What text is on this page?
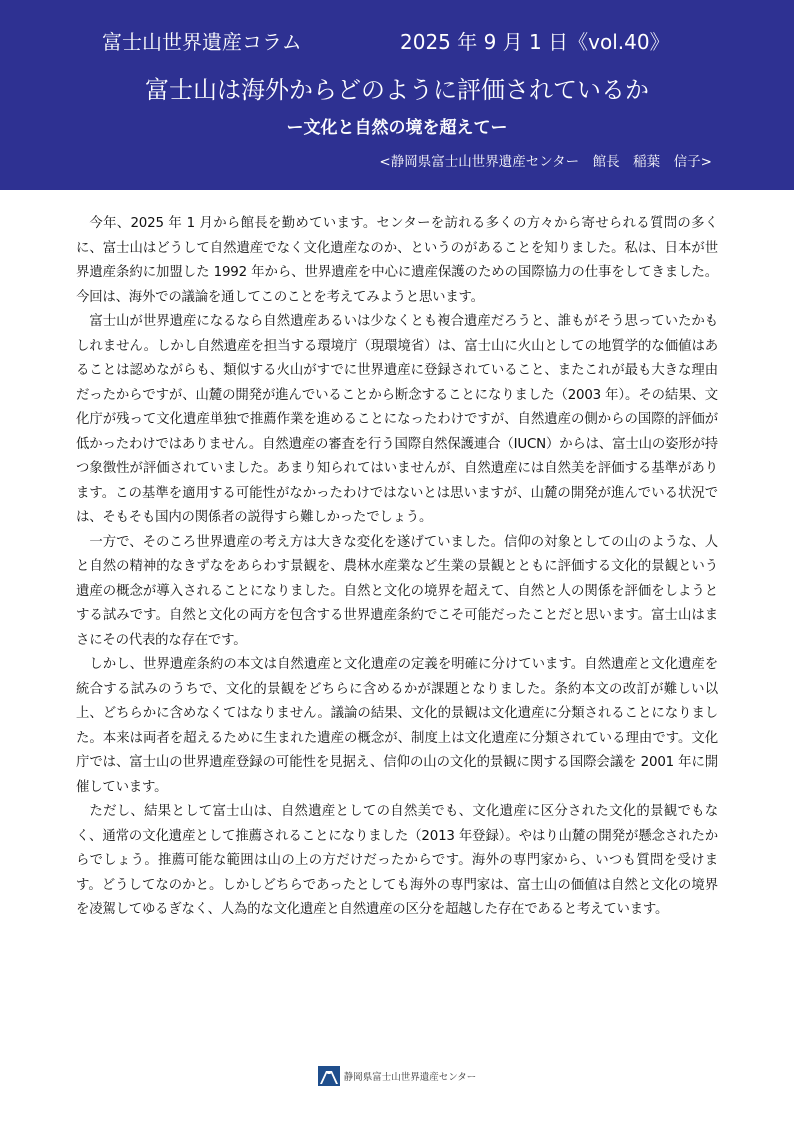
富士山世界遺産コラム	2025 年 9 月 1 日《vol.40》
富士山は海外からどのように評価されているか
ー文化と自然の境を超えてー
<静岡県富士山世界遺産センター　館長　稲葉　信子>

今年、2025 年 1 月から館長を勤めています。センターを訪れる多くの方々から寄せられる質問の多くに、富士山はどうして自然遺産でなく文化遺産なのか、というのがあることを知りました。私は、日本が世界遺産条約に加盟した 1992 年から、世界遺産を中心に遺産保護のための国際協力の仕事をしてきました。今回は、海外での議論を通してこのことを考えてみようと思います。

富士山が世界遺産になるなら自然遺産あるいは少なくとも複合遺産だろうと、誰もがそう思っていたかもしれません。しかし自然遺産を担当する環境庁（現環境省）は、富士山に火山としての地質学的な価値はあることは認めながらも、類似する火山がすでに世界遺産に登録されていること、またこれが最も大きな理由だったからですが、山麓の開発が進んでいることから断念することになりました（2003 年）。その結果、文化庁が残って文化遺産単独で推薦作業を進めることになったわけですが、自然遺産の側からの国際的評価が低かったわけではありません。自然遺産の審査を行う国際自然保護連合（IUCN）からは、富士山の姿形が持つ象徴性が評価されていました。あまり知られてはいませんが、自然遺産には自然美を評価する基準があります。この基準を適用する可能性がなかったわけではないとは思いますが、山麓の開発が進んでいる状況では、そもそも国内の関係者の説得すら難しかったでしょう。

一方で、そのころ世界遺産の考え方は大きな変化を遂げていました。信仰の対象としての山のような、人と自然の精神的なきずなをあらわす景観を、農林水産業など生業の景観とともに評価する文化的景観という遺産の概念が導入されることになりました。自然と文化の境界を超えて、自然と人の関係を評価をしようとする試みです。自然と文化の両方を包含する世界遺産条約でこそ可能だったことだと思います。富士山はまさにその代表的な存在です。

しかし、世界遺産条約の本文は自然遺産と文化遺産の定義を明確に分けています。自然遺産と文化遺産を統合する試みのうちで、文化的景観をどちらに含めるかが課題となりました。条約本文の改訂が難しい以上、どちらかに含めなくてはなりません。議論の結果、文化的景観は文化遺産に分類されることになりました。本来は両者を超えるために生まれた遺産の概念が、制度上は文化遺産に分類されている理由です。文化庁では、富士山の世界遺産登録の可能性を見据え、信仰の山の文化的景観に関する国際会議を 2001 年に開催しています。

ただし、結果として富士山は、自然遺産としての自然美でも、文化遺産に区分された文化的景観でもなく、通常の文化遺産として推薦されることになりました（2013 年登録）。やはり山麓の開発が懸念されたからでしょう。推薦可能な範囲は山の上の方だけだったからです。海外の専門家から、いつも質問を受けます。どうしてなのかと。しかしどちらであったとしても海外の専門家は、富士山の価値は自然と文化の境界を凌駕してゆるぎなく、人為的な文化遺産と自然遺産の区分を超越した存在であると考えています。

静岡県富士山世界遺産センター
